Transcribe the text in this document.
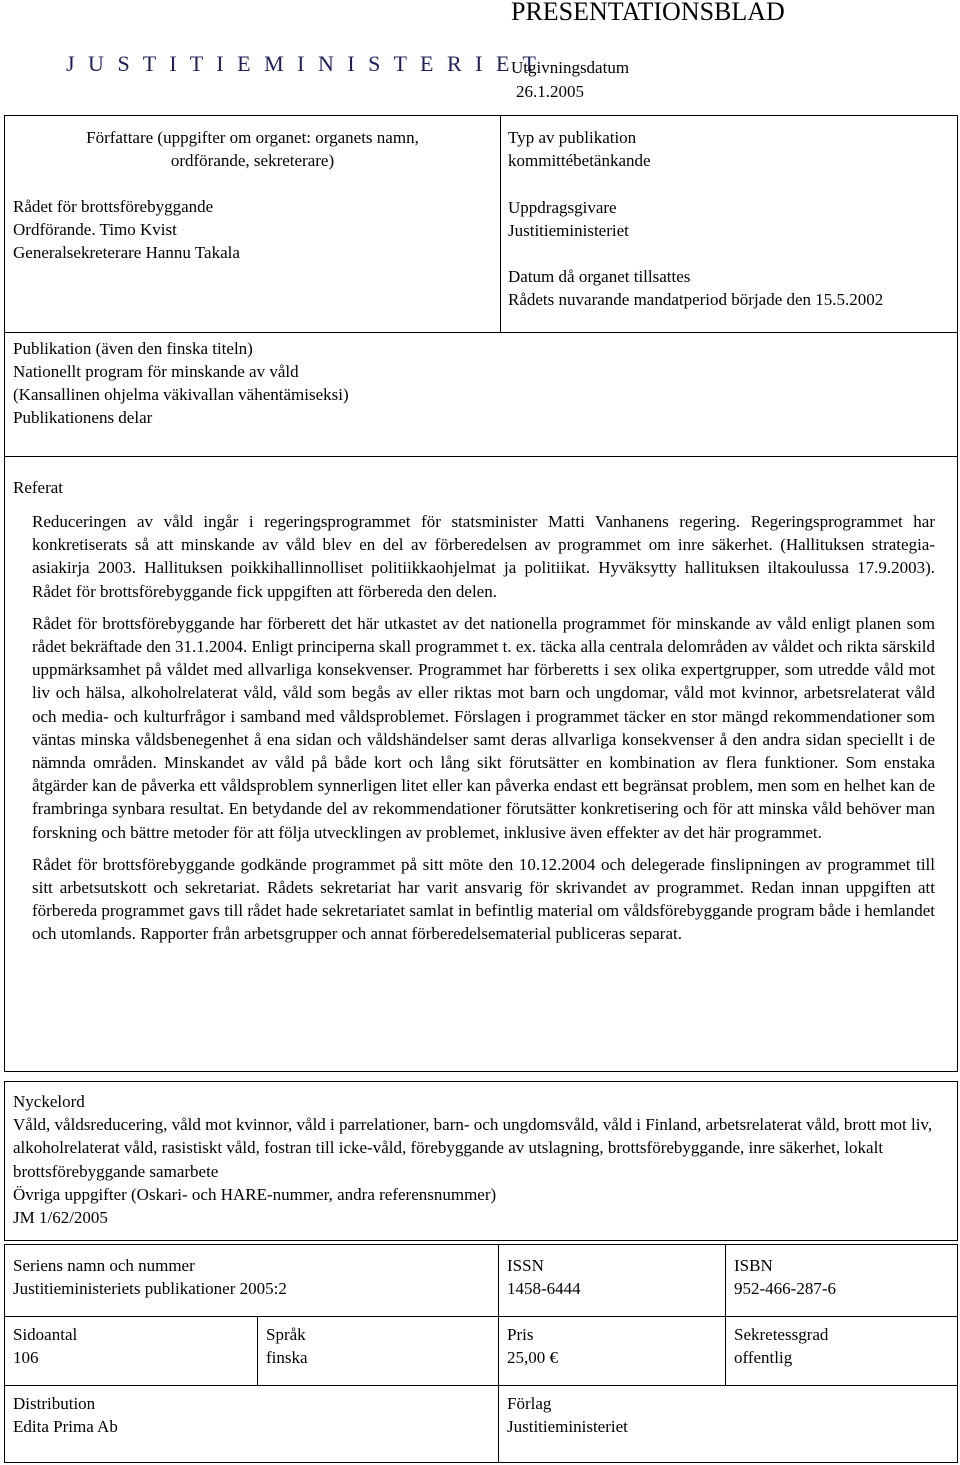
J U S T I T I E M I N I S T E R I E T
PRESENTATIONSBLAD
Utgivningsdatum
26.1.2005
Författare (uppgifter om organet: organets namn,
ordförande, sekreterare)
Rådet för brottsförebyggande
Ordförande. Timo Kvist
Generalsekreterare Hannu Takala
Typ av publikation
kommittébetänkande
Uppdragsgivare
Justitieministeriet
Datum då organet tillsattes
Rådets nuvarande mandatperiod började den 15.5.2002
Publikation (även den finska titeln)
Nationellt program för minskande av våld
(Kansallinen ohjelma väkivallan vähentämiseksi)
Publikationens delar
Referat

Reduceringen av våld ingår i regeringsprogrammet för statsminister Matti Vanhanens regering. Regeringsprogrammet har konkretiserats så att minskande av våld blev en del av förberedelsen av programmet om inre säkerhet. (Hallituksen strategia-asiakirja 2003. Hallituksen poikkihallinnolliset politiikkaohjelmat ja politiikat. Hyväksytty hallituksen iltakoulussa 17.9.2003). Rådet för brottsförebyggande fick uppgiften att förbereda den delen.

Rådet för brottsförebyggande har förberett det här utkastet av det nationella programmet för minskande av våld enligt planen som rådet bekräftade den 31.1.2004. Enligt principerna skall programmet t. ex. täcka alla centrala delområden av våldet och rikta särskild uppmärksamhet på våldet med allvarliga konsekvenser. Programmet har förberetts i sex olika expertgrupper, som utredde våld mot liv och hälsa, alkoholrelaterat våld, våld som begås av eller riktas mot barn och ungdomar, våld mot kvinnor, arbetsrelaterat våld och media- och kulturfrågor i samband med våldsproblemet. Förslagen i programmet täcker en stor mängd rekommendationer som väntas minska våldsbenegenhet å ena sidan och våldshändelser samt deras allvarliga konsekvenser å den andra sidan speciellt i de nämnda områden. Minskandet av våld på både kort och lång sikt förutsätter en kombination av flera funktioner. Som enstaka åtgärder kan de påverka ett våldsproblem synnerligen litet eller kan påverka endast ett begränsat problem, men som en helhet kan de frambringa synbara resultat. En betydande del av rekommendationer förutsätter konkretisering och för att minska våld behöver man forskning och bättre metoder för att följa utvecklingen av problemet, inklusive även effekter av det här programmet.

Rådet för brottsförebyggande godkände programmet på sitt möte den 10.12.2004 och delegerade finslipningen av programmet till sitt arbetsutskott och sekretariat. Rådets sekretariat har varit ansvarig för skrivandet av programmet. Redan innan uppgiften att förbereda programmet gavs till rådet hade sekretariatet samlat in befintlig material om våldsförebyggande program både i hemlandet och utomlands. Rapporter från arbetsgrupper och annat förberedelsematerial publiceras separat.

Nyckelord
Våld, våldsreducering, våld mot kvinnor, våld i parrelationer, barn- och ungdomsvåld, våld i Finland, arbetsrelaterat våld, brott mot liv, alkoholrelaterat våld, rasistiskt våld, fostran till icke-våld, förebyggande av utslagning, brottsförebyggande, inre säkerhet, lokalt brottsförebyggande samarbete
Övriga uppgifter (Oskari- och HARE-nummer, andra referensnummer)
JM 1/62/2005
Seriens namn och nummer
Justitieministeriets publikationer 2005:2
ISSN
1458-6444
ISBN
952-466-287-6
Sidoantal
106
Språk
finska
Pris
25,00 €
Sekretessgrad
offentlig
Distribution
Edita Prima Ab
Förlag
Justitieministeriet
